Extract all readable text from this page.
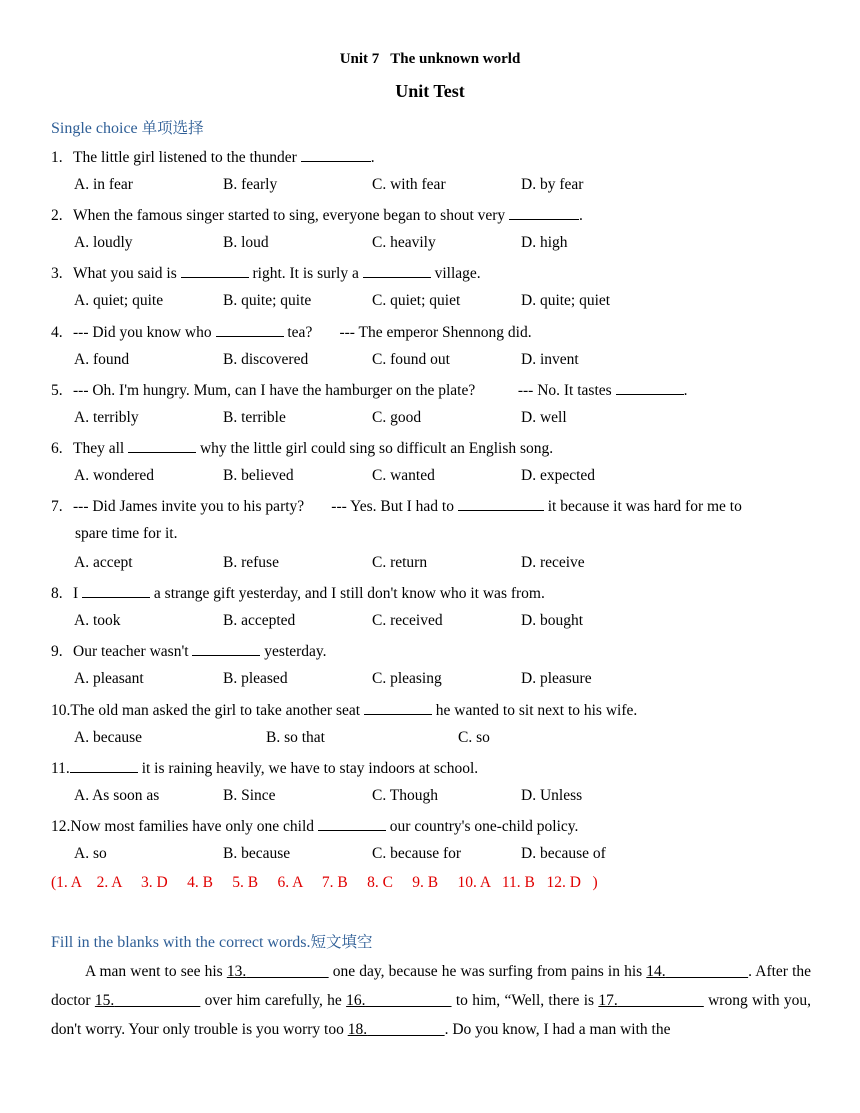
Unit 7   The unknown world
Unit Test
Single choice 单项选择
1. The little girl listened to the thunder	.
A. in fear	B. fearly	C. with fear	D. by fear
2. When the famous singer started to sing, everyone began to shout very	.
A. loudly	B. loud	C. heavily	D. high
3. What you said is	right. It is surly a	village.
A. quiet; quite	B. quite; quite	C. quiet; quiet	D. quite; quiet
4. --- Did you know who	tea?       --- The emperor Shennong did.
A. found	B. discovered	C. found out	D. invent
5. --- Oh. I'm hungry. Mum, can I have the hamburger on the plate?           --- No. It tastes	.
A. terribly	B. terrible	C. good	D. well
6. They all	why the little girl could sing so difficult an English song.
A. wondered	B. believed	C. wanted	D. expected
7. --- Did James invite you to his party?       --- Yes. But I had to	it because it was hard for me to
spare time for it.
A. accept	B. refuse	C. return	D. receive
8. I	a strange gift yesterday, and I still don't know who it was from.
A. took	B. accepted	C. received	D. bought
9. Our teacher wasn't	yesterday.
A. pleasant	B. pleased	C. pleasing	D. pleasure
10.The old man asked the girl to take another seat	he wanted to sit next to his wife.
A. because	B. so that	C. so
11.	it is raining heavily, we have to stay indoors at school.
A. As soon as	B. Since	C. Though	D. Unless
12.Now most families have only one child	our country's one-child policy.
A. so	B. because	C. because for	D. because of
(1. A    2. A     3. D     4. B     5. B     6. A     7. B     8. C     9. B     10. A   11. B   12. D   )
Fill in the blanks with the correct words.短文填空
A man went to see his 13.	one day, because he was surfing from pains in his 14.	. After the doctor 15.	over him carefully, he 16.	to him, “Well, there is 17.	wrong with you, don't worry. Your only trouble is you worry too 18.	. Do you know, I had a man with the
